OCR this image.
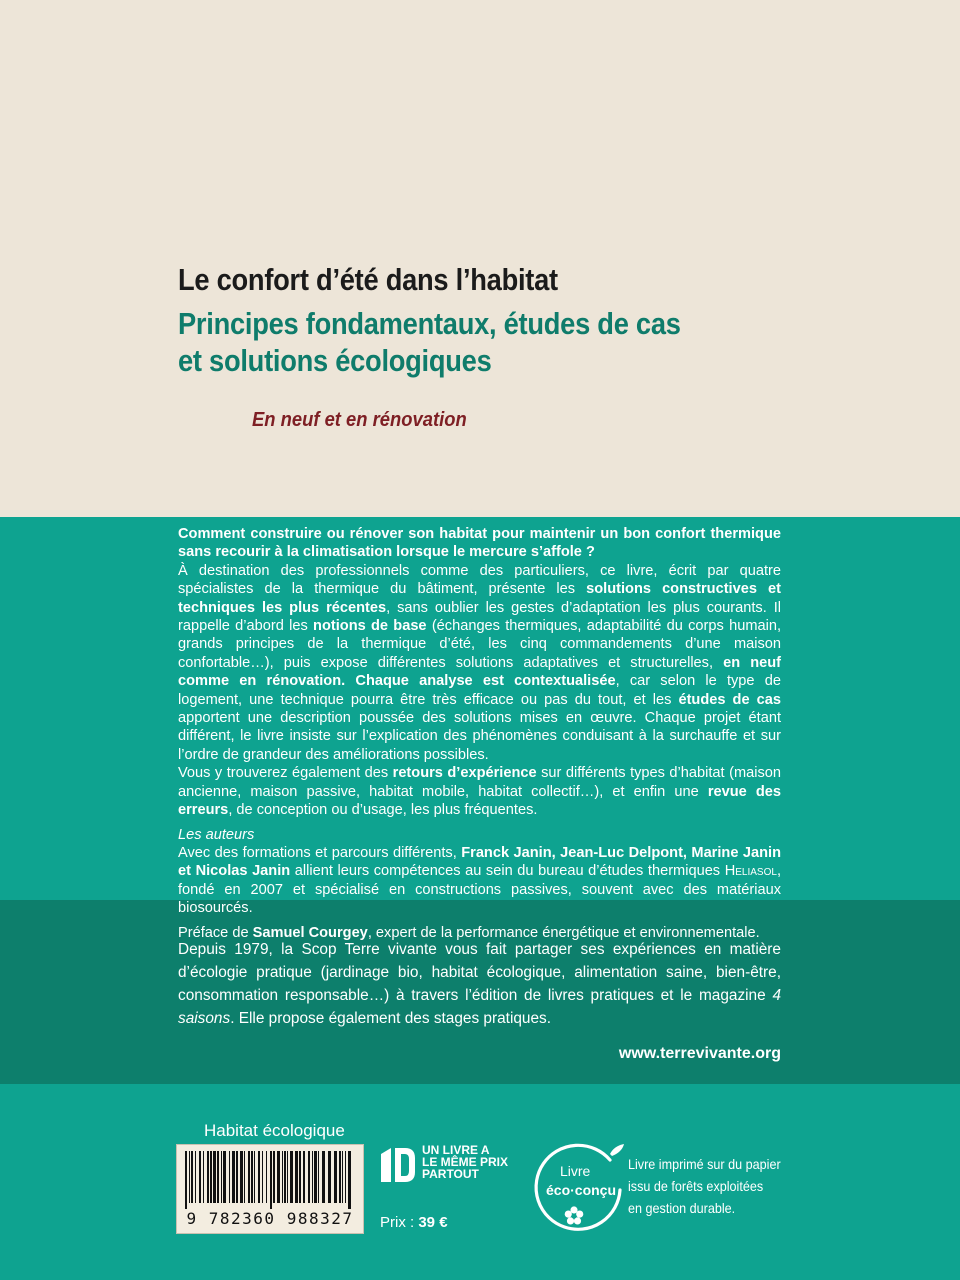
Le confort d’été dans l’habitat
Principes fondamentaux, études de cas
et solutions écologiques
En neuf et en rénovation

Comment construire ou rénover son habitat pour maintenir un bon confort thermique sans recourir à la climatisation lorsque le mercure s’affole ?

À destination des professionnels comme des particuliers, ce livre, écrit par quatre spécialistes de la thermique du bâtiment, présente les solutions constructives et techniques les plus récentes, sans oublier les gestes d’adaptation les plus courants. Il rappelle d’abord les notions de base (échanges thermiques, adaptabilité du corps humain, grands principes de la thermique d’été, les cinq commandements d’une maison confortable…), puis expose différentes solutions adaptatives et structurelles, en neuf comme en rénovation. Chaque analyse est contextualisée, car selon le type de logement, une technique pourra être très efficace ou pas du tout, et les études de cas apportent une description poussée des solutions mises en œuvre. Chaque projet étant différent, le livre insiste sur l’explication des phénomènes conduisant à la surchauffe et sur l’ordre de grandeur des améliorations possibles.

Vous y trouverez également des retours d’expérience sur différents types d’habitat (maison ancienne, maison passive, habitat mobile, habitat collectif…), et enfin une revue des erreurs, de conception ou d’usage, les plus fréquentes.

Les auteurs

Avec des formations et parcours différents, Franck Janin, Jean-Luc Delpont, Marine Janin et Nicolas Janin allient leurs compétences au sein du bureau d’études thermiques Heliasol, fondé en 2007 et spécialisé en constructions passives, souvent avec des matériaux biosourcés.

Préface de Samuel Courgey, expert de la performance énergétique et environnementale.

Depuis 1979, la Scop Terre vivante vous fait partager ses expériences en matière d’écologie pratique (jardinage bio, habitat écologique, alimentation saine, bien-être, consommation responsable…) à travers l’édition de livres pratiques et le magazine 4 saisons. Elle propose également des stages pratiques.
www.terrevivante.org
Habitat écologique
9 782360 988327
UN LIVRE A
LE MÊME PRIX
PARTOUT
Prix : 39 €
Livre
éco·conçu
Livre imprimé sur du papier
issu de forêts exploitées
en gestion durable.
